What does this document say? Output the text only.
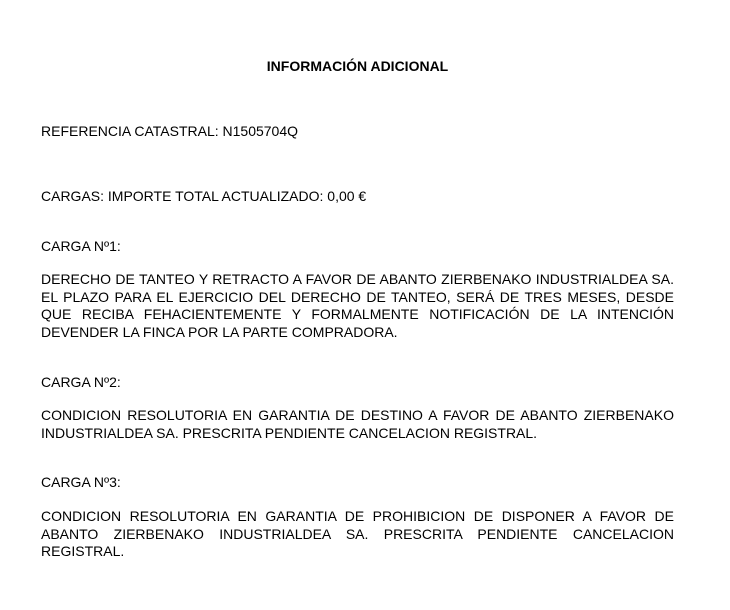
INFORMACIÓN ADICIONAL
REFERENCIA CATASTRAL: N1505704Q
CARGAS: IMPORTE TOTAL ACTUALIZADO: 0,00 €
CARGA Nº1:
DERECHO DE TANTEO Y RETRACTO A FAVOR DE ABANTO ZIERBENAKO INDUSTRIALDEA SA. EL PLAZO PARA EL EJERCICIO DEL DERECHO DE TANTEO, SERÁ DE TRES MESES, DESDE QUE RECIBA FEHACIENTEMENTE Y FORMALMENTE NOTIFICACIÓN DE LA INTENCIÓN DEVENDER LA FINCA POR LA PARTE COMPRADORA.
CARGA Nº2:
CONDICION RESOLUTORIA EN GARANTIA DE DESTINO A FAVOR DE ABANTO ZIERBENAKO INDUSTRIALDEA SA. PRESCRITA PENDIENTE CANCELACION REGISTRAL.
CARGA Nº3:
CONDICION RESOLUTORIA EN GARANTIA DE PROHIBICION DE DISPONER A FAVOR DE ABANTO ZIERBENAKO INDUSTRIALDEA SA. PRESCRITA PENDIENTE CANCELACION REGISTRAL.
